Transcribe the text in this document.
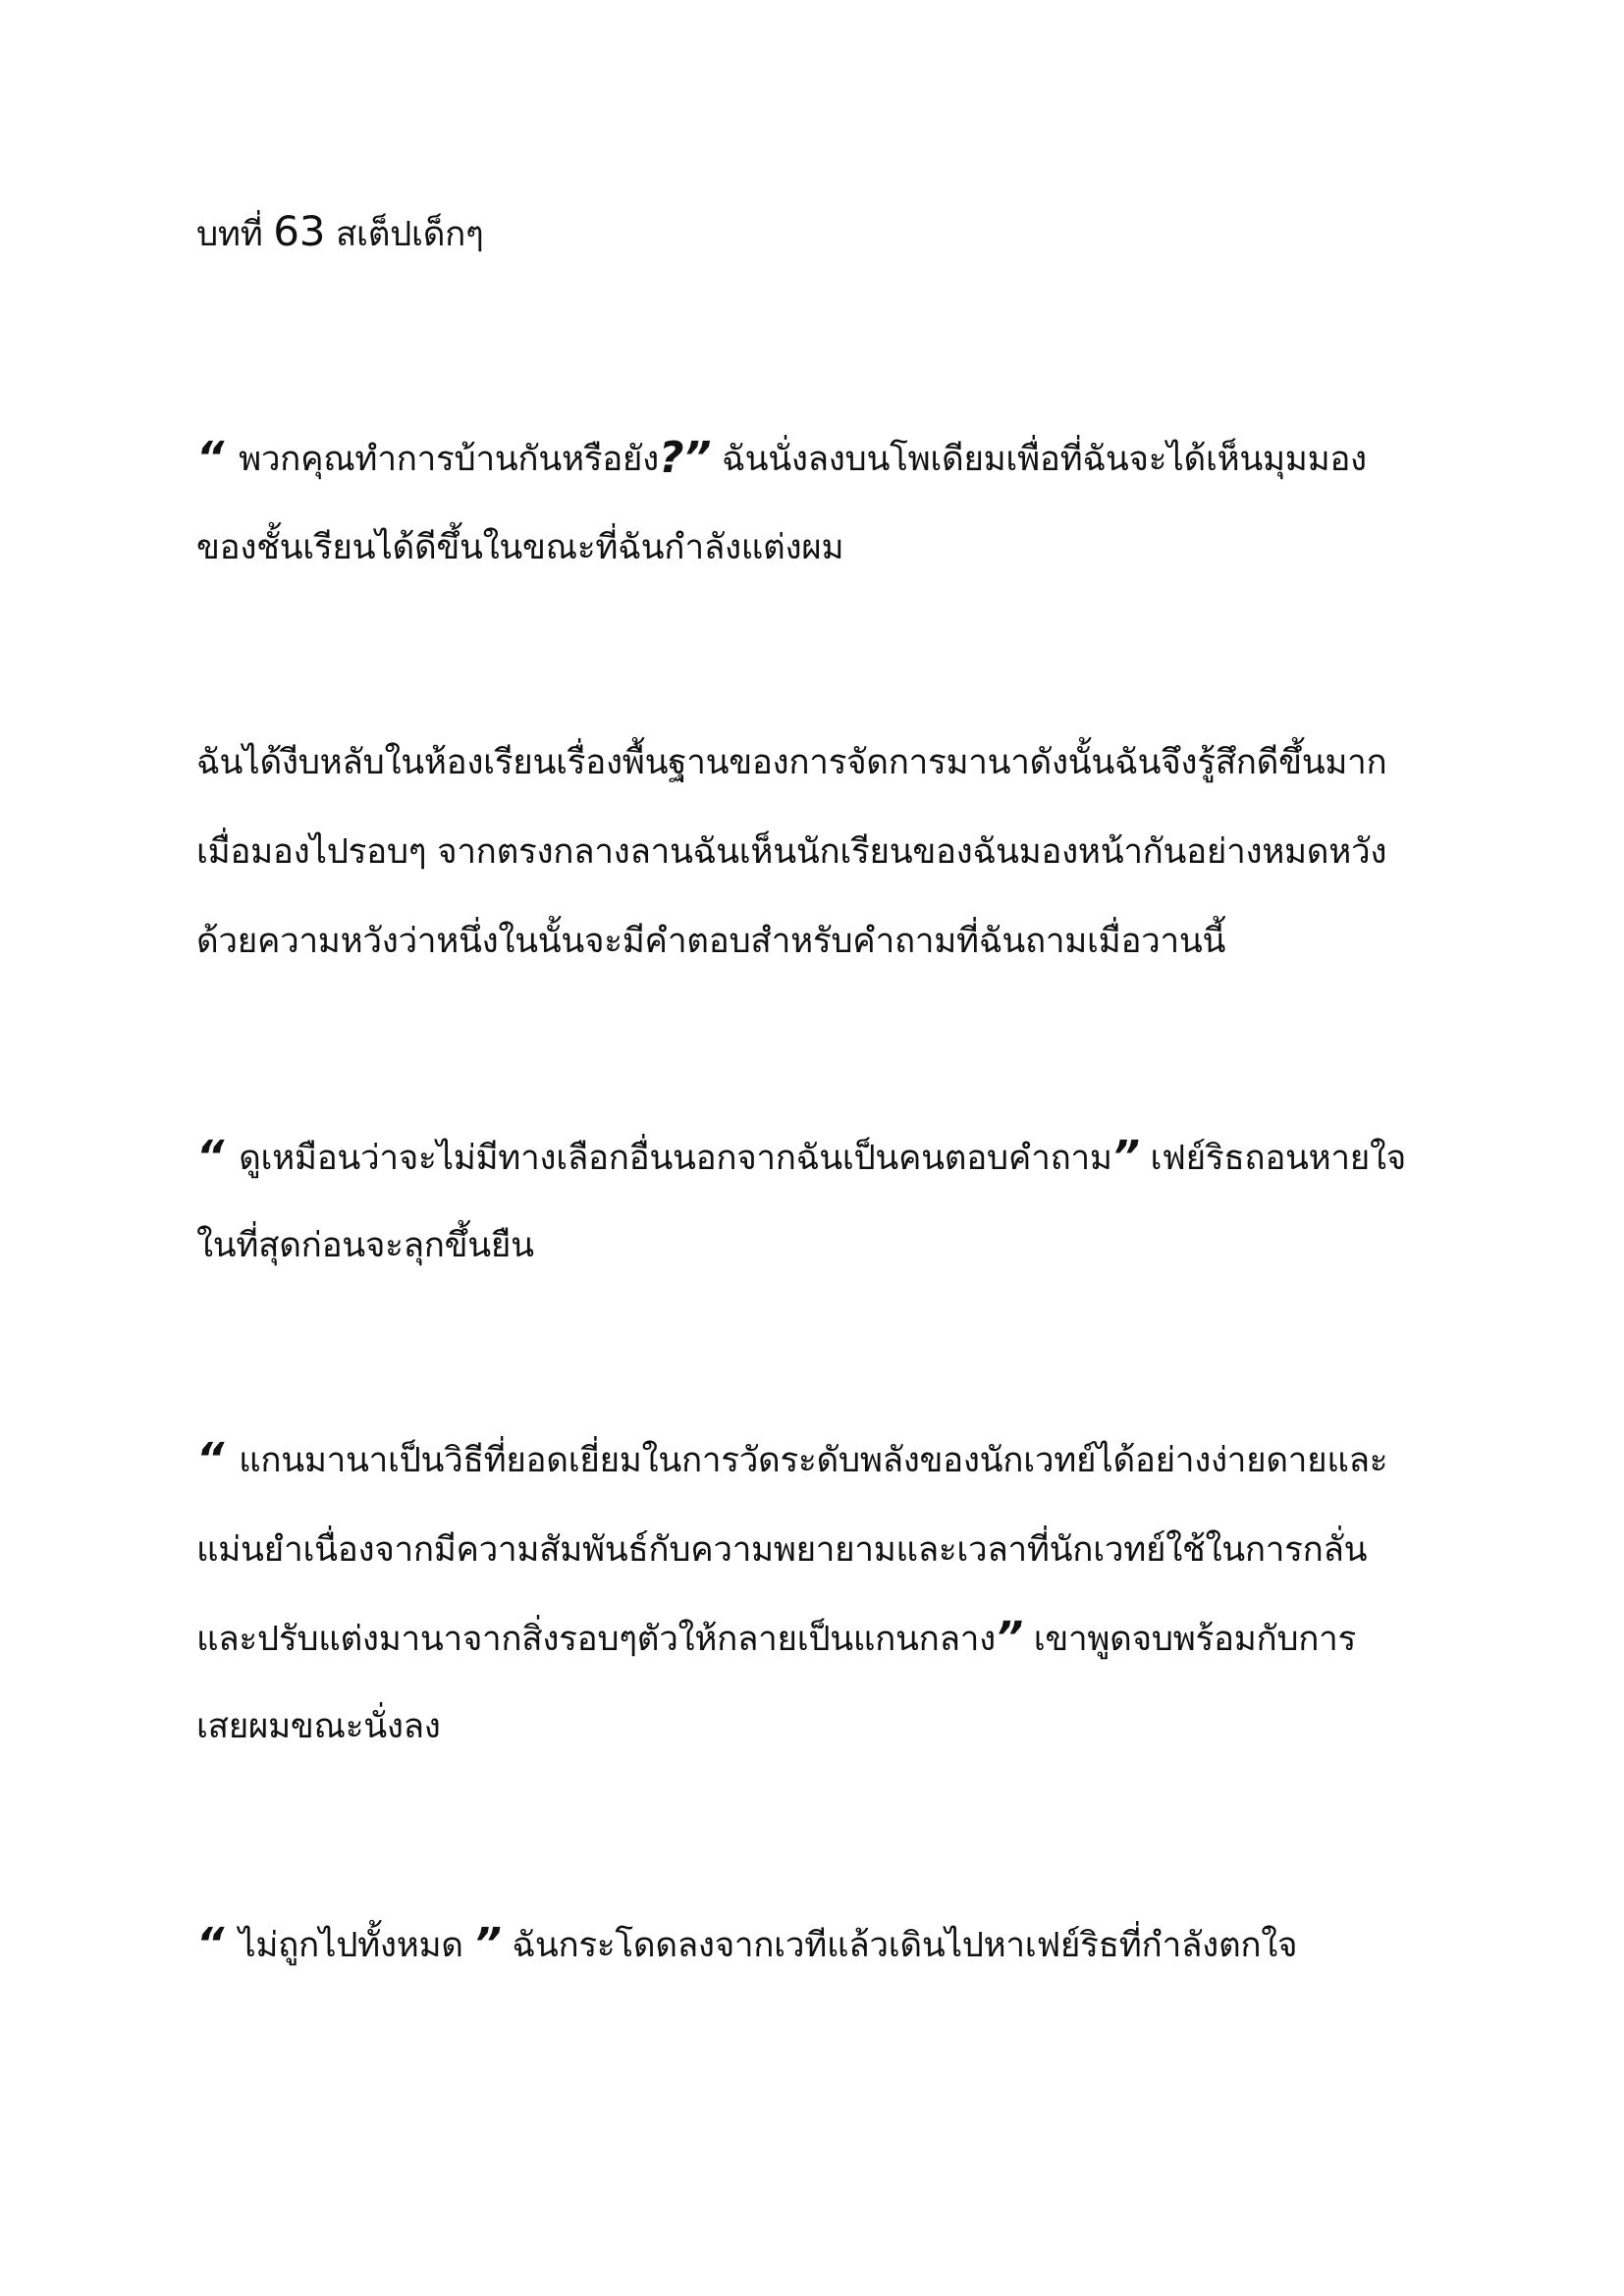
บทที่ 63 สเต็ปเด็กๆ
“ พวกคุณทำการบ้านกันหรือยัง?” ฉันนั่งลงบนโพเดียมเพื่อที่ฉันจะได้เห็นมุมมอง
ของชั้นเรียนได้ดีขึ้นในขณะที่ฉันกำลังแต่งผม
ฉันได้งีบหลับในห้องเรียนเรื่องพื้นฐานของการจัดการมานาดังนั้นฉันจึงรู้สึกดีขึ้นมาก
เมื่อมองไปรอบๆ จากตรงกลางลานฉันเห็นนักเรียนของฉันมองหน้ากันอย่างหมดหวัง
ด้วยความหวังว่าหนึ่งในนั้นจะมีคำตอบสำหรับคำถามที่ฉันถามเมื่อวานนี้
“ ดูเหมือนว่าจะไม่มีทางเลือกอื่นนอกจากฉันเป็นคนตอบคำถาม” เฟย์ริธถอนหายใจ
ในที่สุดก่อนจะลุกขึ้นยืน
“ แกนมานาเป็นวิธีที่ยอดเยี่ยมในการวัดระดับพลังของนักเวทย์ได้อย่างง่ายดายและ
แม่นยำเนื่องจากมีความสัมพันธ์กับความพยายามและเวลาที่นักเวทย์ใช้ในการกลั่น
และปรับแต่งมานาจากสิ่งรอบๆตัวให้กลายเป็นแกนกลาง” เขาพูดจบพร้อมกับการ
เสยผมขณะนั่งลง
“ ไม่ถูกไปทั้งหมด ” ฉันกระโดดลงจากเวทีแล้วเดินไปหาเฟย์ริธที่กำลังตกใจ
